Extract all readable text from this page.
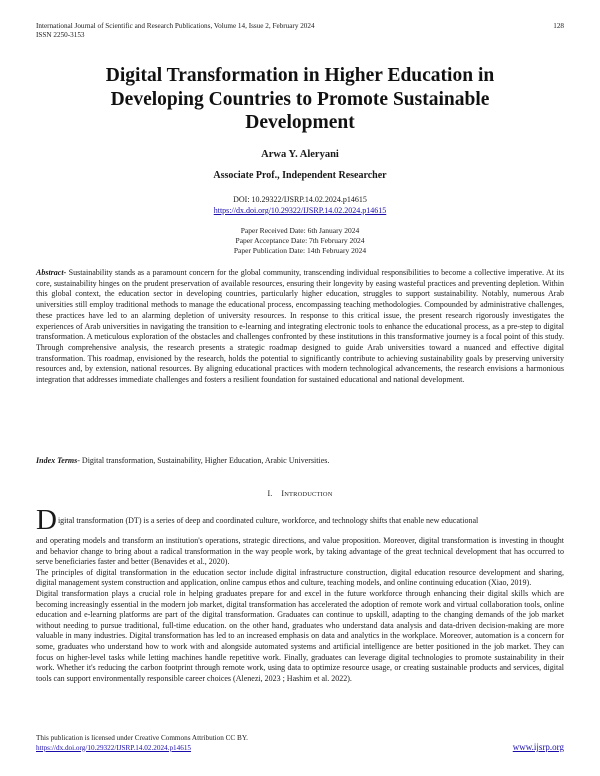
International Journal of Scientific and Research Publications, Volume 14, Issue 2, February 2024
ISSN 2250-3153
128
Digital Transformation in Higher Education in
Developing Countries to Promote Sustainable
Development
Arwa Y. Aleryani
Associate Prof., Independent Researcher
DOI: 10.29322/IJSRP.14.02.2024.p14615
https://dx.doi.org/10.29322/IJSRP.14.02.2024.p14615
Paper Received Date: 6th January 2024
Paper Acceptance Date: 7th February 2024
Paper Publication Date: 14th February 2024
Abstract- Sustainability stands as a paramount concern for the global community, transcending individual responsibilities to become a collective imperative. At its core, sustainability hinges on the prudent preservation of available resources, ensuring their longevity by easing wasteful practices and preventing depletion. Within this global context, the education sector in developing countries, particularly higher education, struggles to support sustainability. Notably, numerous Arab universities still employ traditional methods to manage the educational process, encompassing teaching methodologies. Compounded by administrative challenges, these practices have led to an alarming depletion of university resources. In response to this critical issue, the present research rigorously investigates the experiences of Arab universities in navigating the transition to e-learning and integrating electronic tools to enhance the educational process, as a pre-step to digital transformation. A meticulous exploration of the obstacles and challenges confronted by these institutions in this transformative journey is a focal point of this study. Through comprehensive analysis, the research presents a strategic roadmap designed to guide Arab universities toward a nuanced and effective digital transformation. This roadmap, envisioned by the research, holds the potential to significantly contribute to achieving sustainability goals by preserving university resources and, by extension, national resources. By aligning educational practices with modern technological advancements, the research envisions a harmonious integration that addresses immediate challenges and fosters a resilient foundation for sustained educational and national development.
Index Terms- Digital transformation, Sustainability, Higher Education, Arabic Universities.
I. INTRODUCTION

D igital transformation (DT) is a series of deep and coordinated culture, workforce, and technology shifts that enable new educational
and operating models and transform an institution's operations, strategic directions, and value proposition. Moreover, digital transformation is investing in thought and behavior change to bring about a radical transformation in the way people work, by taking advantage of the great technical development that has occurred to serve beneficiaries faster and better (Benavides et al., 2020).

The principles of digital transformation in the education sector include digital infrastructure construction, digital education resource development and sharing, digital management system construction and application, online campus ethos and culture, teaching models, and online continuing education (Xiao, 2019).

Digital transformation plays a crucial role in helping graduates prepare for and excel in the future workforce through enhancing their digital skills which are becoming increasingly essential in the modern job market, digital transformation has accelerated the adoption of remote work and virtual collaboration tools, online education and e-learning platforms are part of the digital transformation. Graduates can continue to upskill, adapting to the changing demands of the job market without needing to pursue traditional, full-time education. on the other hand, graduates who understand data analysis and data-driven decision-making are more valuable in many industries. Digital transformation has led to an increased emphasis on data and analytics in the workplace. Moreover, automation is a concern for some, graduates who understand how to work with and alongside automated systems and artificial intelligence are better positioned in the job market. They can focus on higher-level tasks while letting machines handle repetitive work. Finally, graduates can leverage digital technologies to promote sustainability in their work. Whether it's reducing the carbon footprint through remote work, using data to optimize resource usage, or creating sustainable products and services, digital tools can support environmentally responsible career choices (Alenezi, 2023 ; Hashim et al. 2022).

This publication is licensed under Creative Commons Attribution CC BY.
https://dx.doi.org/10.29322/IJSRP.14.02.2024.p14615	www.ijsrp.org
